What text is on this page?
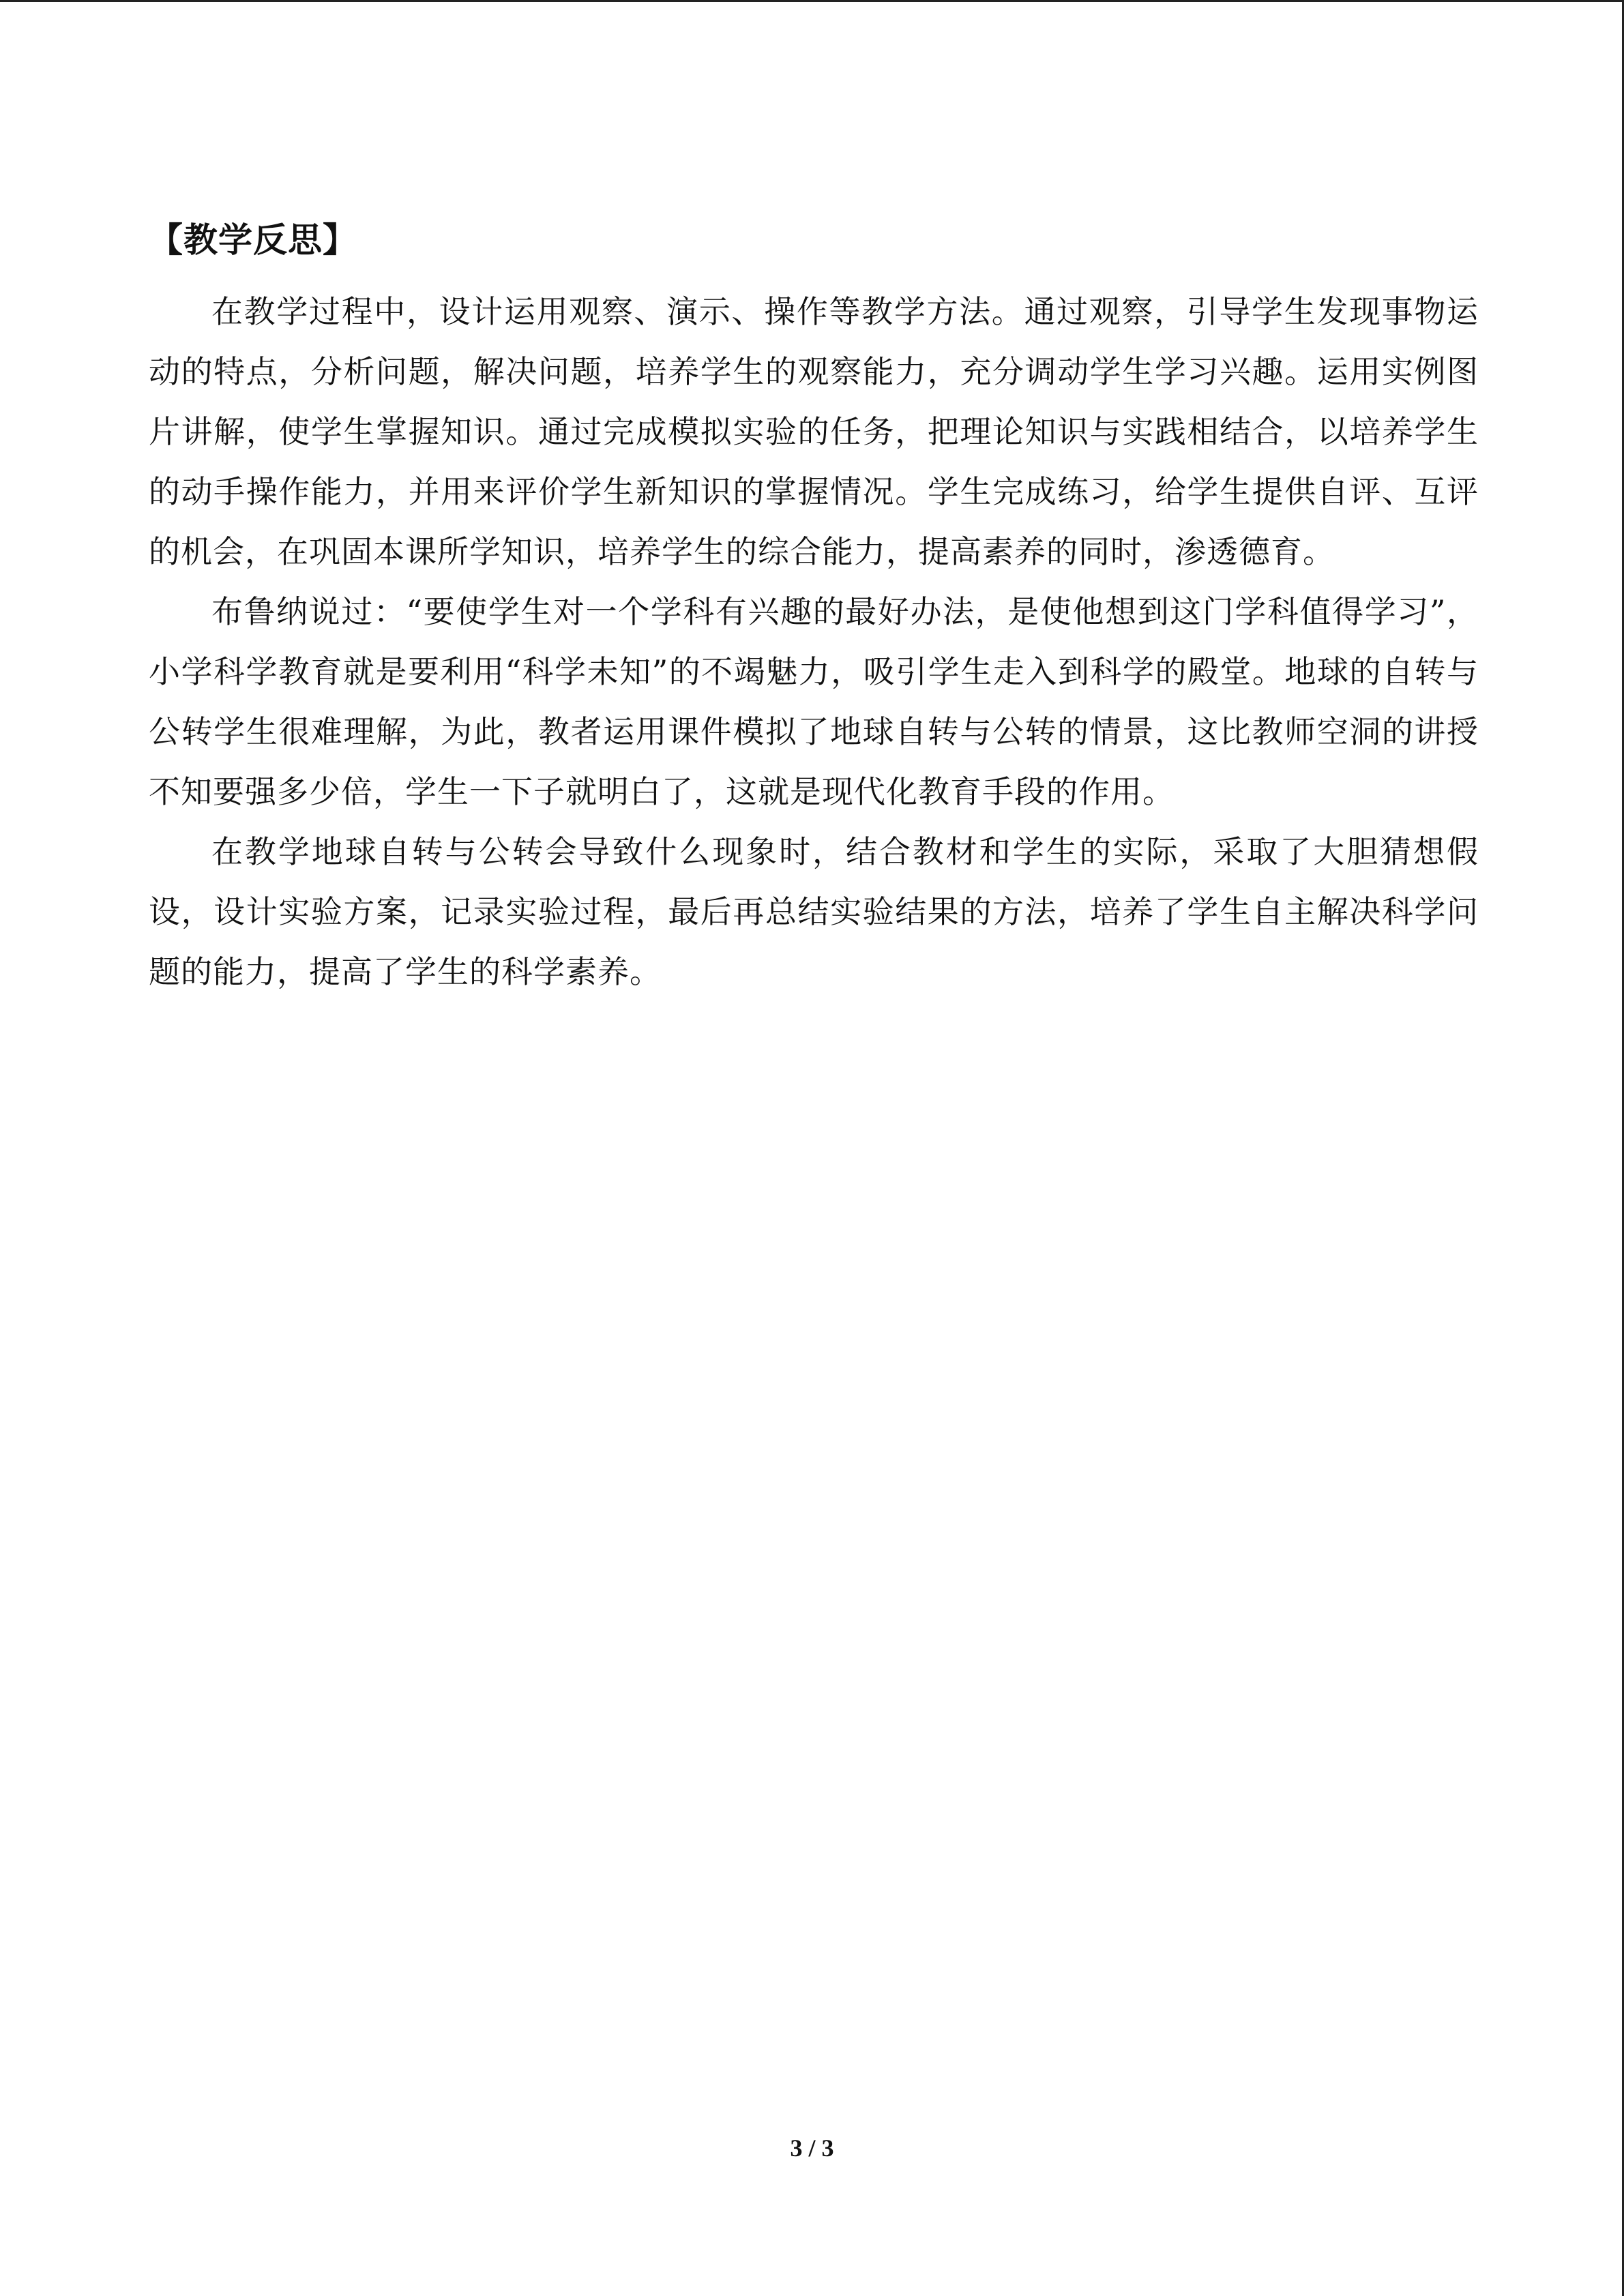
【教学反思】

在教学过程中，设计运用观察、演示、操作等教学方法。通过观察，引导学生发现事物运动的特点，分析问题，解决问题，培养学生的观察能力，充分调动学生学习兴趣。运用实例图片讲解，使学生掌握知识。通过完成模拟实验的任务，把理论知识与实践相结合，以培养学生的动手操作能力，并用来评价学生新知识的掌握情况。学生完成练习，给学生提供自评、互评的机会，在巩固本课所学知识，培养学生的综合能力，提高素养的同时，渗透德育。

布鲁纳说过：“要使学生对一个学科有兴趣的最好办法，是使他想到这门学科值得学习”，小学科学教育就是要利用“科学未知”的不竭魅力，吸引学生走入到科学的殿堂。地球的自转与公转学生很难理解，为此，教者运用课件模拟了地球自转与公转的情景，这比教师空洞的讲授不知要强多少倍，学生一下子就明白了，这就是现代化教育手段的作用。

在教学地球自转与公转会导致什么现象时，结合教材和学生的实际，采取了大胆猜想假设，设计实验方案，记录实验过程，最后再总结实验结果的方法，培养了学生自主解决科学问题的能力，提高了学生的科学素养。

3 / 3
